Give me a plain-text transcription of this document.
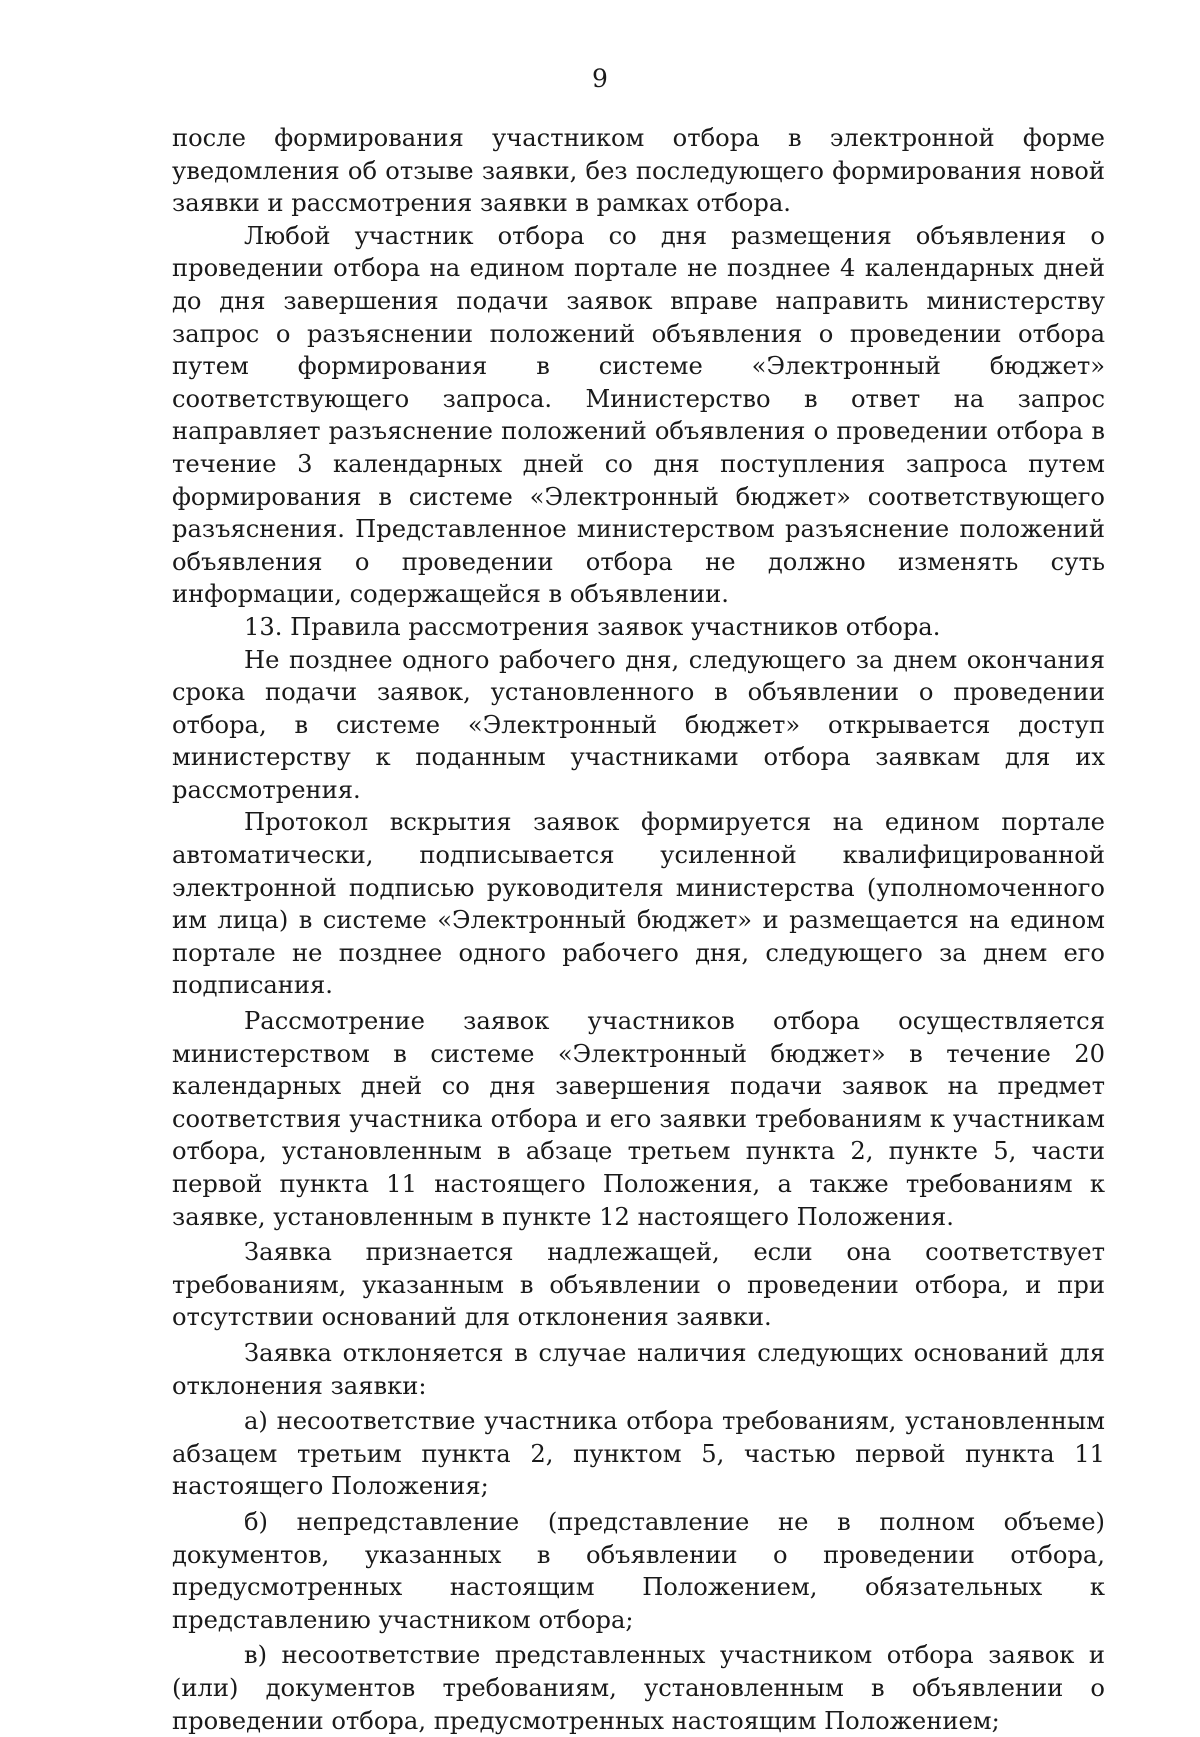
9

после формирования участником отбора в электронной форме уведомления об отзыве заявки, без последующего формирования новой заявки и рассмотрения заявки в рамках отбора.

Любой участник отбора со дня размещения объявления о проведении отбора на едином портале не позднее 4 календарных дней до дня завершения подачи заявок вправе направить министерству запрос о разъяснении положений объявления о проведении отбора путем формирования в системе «Электронный бюджет» соответствующего запроса. Министерство в ответ на запрос направляет разъяснение положений объявления о проведении отбора в течение 3 календарных дней со дня поступления запроса путем формирования в системе «Электронный бюджет» соответствующего разъяснения. Представленное министерством разъяснение положений объявления о проведении отбора не должно изменять суть информации, содержащейся в объявлении.

13. Правила рассмотрения заявок участников отбора.

Не позднее одного рабочего дня, следующего за днем окончания срока подачи заявок, установленного в объявлении о проведении отбора, в системе «Электронный бюджет» открывается доступ министерству к поданным участниками отбора заявкам для их рассмотрения.

Протокол вскрытия заявок формируется на едином портале автоматически, подписывается усиленной квалифицированной электронной подписью руководителя министерства (уполномоченного им лица) в системе «Электронный бюджет» и размещается на едином портале не позднее одного рабочего дня, следующего за днем его подписания.

Рассмотрение заявок участников отбора осуществляется министерством в системе «Электронный бюджет» в течение 20 календарных дней со дня завершения подачи заявок на предмет соответствия участника отбора и его заявки требованиям к участникам отбора, установленным в абзаце третьем пункта 2, пункте 5, части первой пункта 11 настоящего Положения, а также требованиям к заявке, установленным в пункте 12 настоящего Положения.

Заявка признается надлежащей, если она соответствует требованиям, указанным в объявлении о проведении отбора, и при отсутствии оснований для отклонения заявки.

Заявка отклоняется в случае наличия следующих оснований для отклонения заявки:

а) несоответствие участника отбора требованиям, установленным абзацем третьим пункта 2, пунктом 5, частью первой пункта 11 настоящего Положения;

б) непредставление (представление не в полном объеме) документов, указанных в объявлении о проведении отбора, предусмотренных настоящим Положением, обязательных к представлению участником отбора;

в) несоответствие представленных участником отбора заявок и (или) документов требованиям, установленным в объявлении о проведении отбора, предусмотренных настоящим Положением;
